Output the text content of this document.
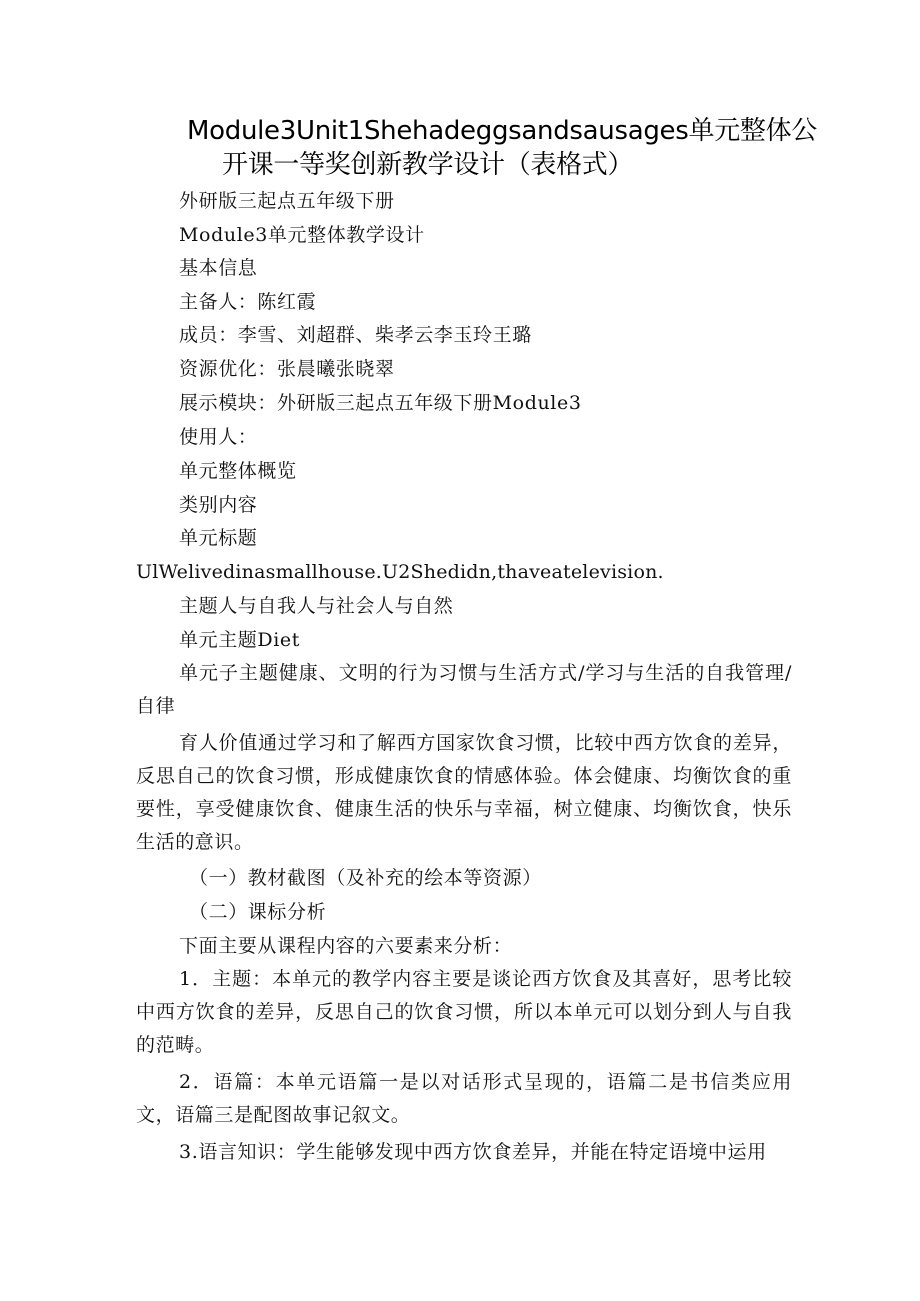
Module3Unit1Shehadeggsandsausages单元整体公
开课一等奖创新教学设计（表格式）
外研版三起点五年级下册
Module3单元整体教学设计
基本信息
主备人：陈红霞
成员：李雪、刘超群、柴孝云李玉玲王璐
资源优化：张晨曦张晓翠
展示模块：外研版三起点五年级下册Module3
使用人：
单元整体概览
类别内容
单元标题
UlWelivedinasmallhouse.U2Shedidn,thaveatelevision.
主题人与自我人与社会人与自然
单元主题Diet
单元子主题健康、文明的行为习惯与生活方式/学习与生活的自我管理/自律
育人价值通过学习和了解西方国家饮食习惯，比较中西方饮食的差异，反思自己的饮食习惯，形成健康饮食的情感体验。体会健康、均衡饮食的重要性，享受健康饮食、健康生活的快乐与幸福，树立健康、均衡饮食，快乐生活的意识。
（一）教材截图（及补充的绘本等资源）
（二）课标分析
下面主要从课程内容的六要素来分析：
1．主题：本单元的教学内容主要是谈论西方饮食及其喜好，思考比较中西方饮食的差异，反思自己的饮食习惯，所以本单元可以划分到人与自我的范畴。
2．语篇：本单元语篇一是以对话形式呈现的，语篇二是书信类应用文，语篇三是配图故事记叙文。
3.语言知识：学生能够发现中西方饮食差异，并能在特定语境中运用
